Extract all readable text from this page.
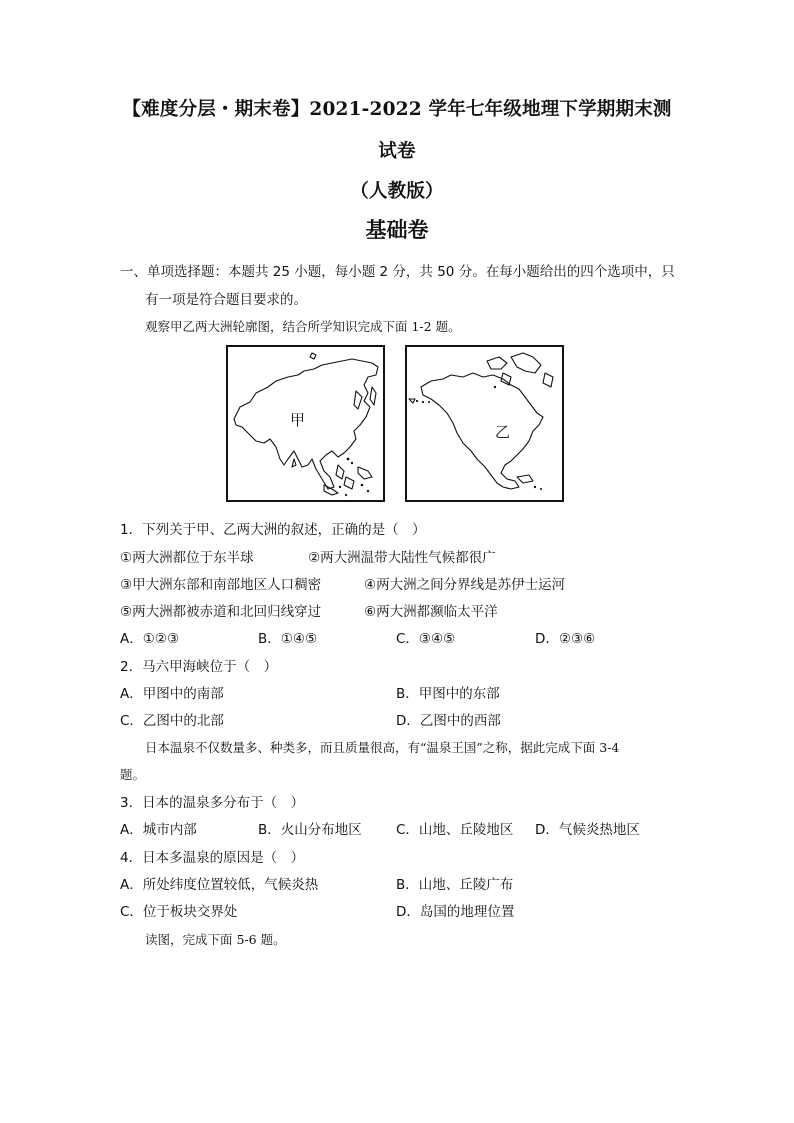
【难度分层・期末卷】2021-2022 学年七年级地理下学期期末测
试卷
（人教版）
基础卷
一、单项选择题：本题共 25 小题，每小题 2 分，共 50 分。在每小题给出的四个选项中，只
有一项是符合题目要求的。
观察甲乙两大洲轮廓图，结合所学知识完成下面 1-2 题。
甲
乙
1．下列关于甲、乙两大洲的叙述，正确的是（　）
①两大洲都位于东半球	②两大洲温带大陆性气候都很广
③甲大洲东部和南部地区人口稠密	④两大洲之间分界线是苏伊士运河
⑤两大洲都被赤道和北回归线穿过	⑥两大洲都濒临太平洋
A．①②③	B．①④⑤	C．③④⑤	D．②③⑥
2．马六甲海峡位于（　）
A．甲图中的南部	B．甲图中的东部
C．乙图中的北部	D．乙图中的西部
日本温泉不仅数量多、种类多，而且质量很高，有“温泉王国”之称，据此完成下面 3-4
题。
3．日本的温泉多分布于（　）
A．城市内部	B．火山分布地区	C．山地、丘陵地区 D．气候炎热地区
4．日本多温泉的原因是（　）
A．所处纬度位置较低，气候炎热	B．山地、丘陵广布
C．位于板块交界处	D．岛国的地理位置
读图，完成下面 5-6 题。
